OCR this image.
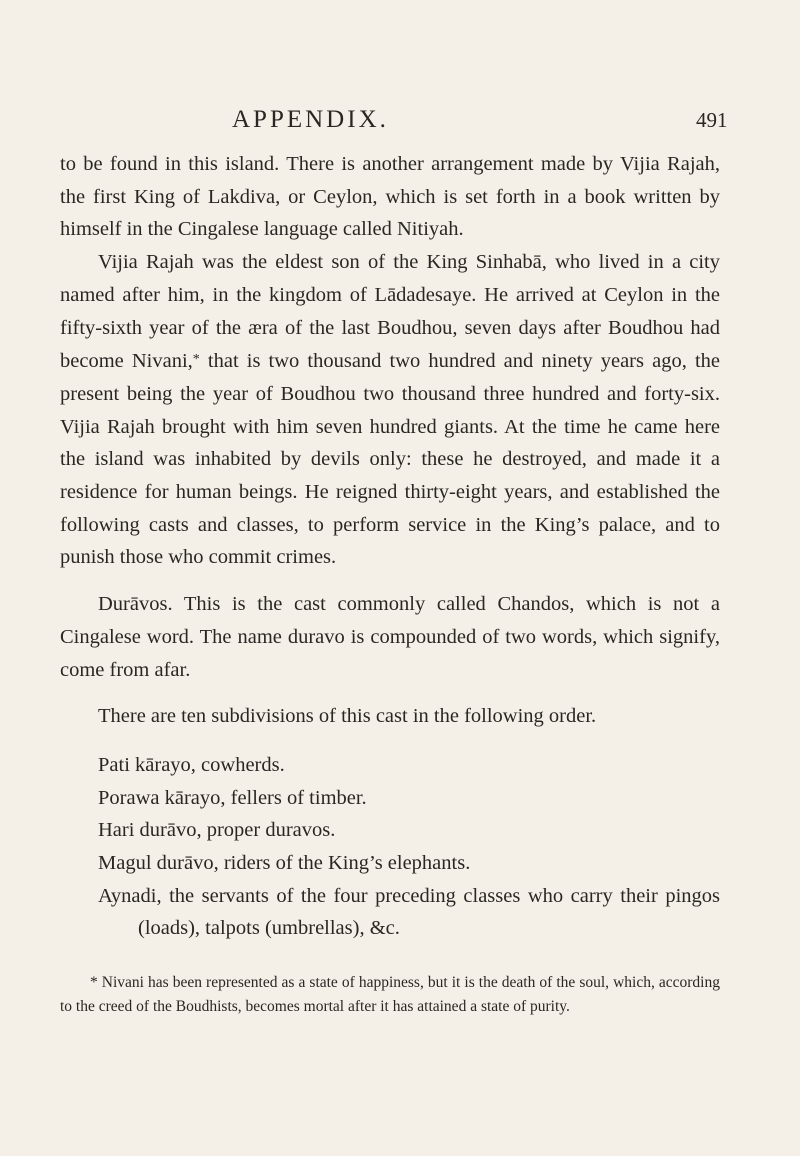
APPENDIX.	491

to be found in this island. There is another arrangement made by Vijia Rajah, the first King of Lakdiva, or Ceylon, which is set forth in a book written by himself in the Cingalese language called Nitiyah.

Vijia Rajah was the eldest son of the King Sinhabā, who lived in a city named after him, in the kingdom of Lādadesaye. He arrived at Ceylon in the fifty-sixth year of the æra of the last Boudhou, seven days after Boudhou had become Nivani,* that is two thousand two hundred and ninety years ago, the present being the year of Boudhou two thousand three hundred and forty-six. Vijia Rajah brought with him seven hundred giants. At the time he came here the island was inhabited by devils only: these he destroyed, and made it a residence for human beings. He reigned thirty-eight years, and established the following casts and classes, to perform service in the King’s palace, and to punish those who commit crimes.

Durāvos. This is the cast commonly called Chandos, which is not a Cingalese word. The name duravo is compounded of two words, which signify, come from afar.

There are ten subdivisions of this cast in the following order.

Pati kārayo, cowherds.

Porawa kārayo, fellers of timber.

Hari durāvo, proper duravos.

Magul durāvo, riders of the King’s elephants.

Aynadi, the servants of the four preceding classes who carry their pingos (loads), talpots (umbrellas), &c.

* Nivani has been represented as a state of happiness, but it is the death of the soul, which, according to the creed of the Boudhists, becomes mortal after it has attained a state of purity.
